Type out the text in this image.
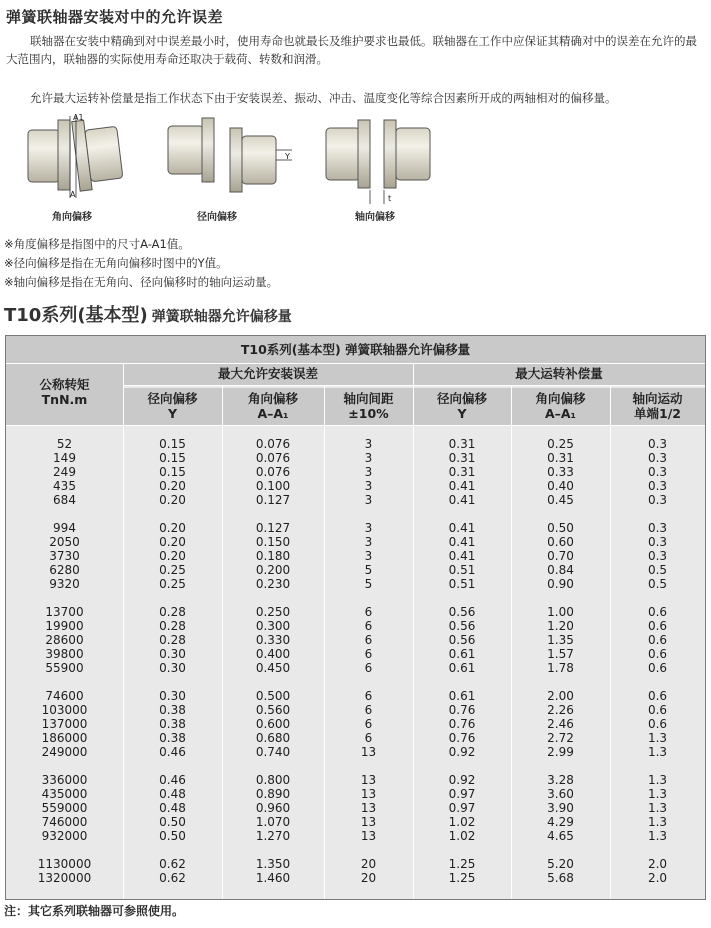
弹簧联轴器安装对中的允许误差
联轴器在安装中精确到对中误差最小时，使用寿命也就最长及维护要求也最低。联轴器在工作中应保证其精确对中的误差在允许的最大范围内，联轴器的实际使用寿命还取决于载荷、转数和润滑。
允许最大运转补偿量是指工作状态下由于安装误差、振动、冲击、温度变化等综合因素所开成的两轴相对的偏移量。
A1
A
Y
t
角向偏移	径向偏移	轴向偏移
※角度偏移是指图中的尺寸A-A1值。
※径向偏移是指在无角向偏移时图中的Y值。
※轴向偏移是指在无角向、径向偏移时的轴向运动量。
T10系列(基本型) 弹簧联轴器允许偏移量
T10系列(基本型) 弹簧联轴器允许偏移量
公称转矩
TnN.m
最大允许安装误差	最大运转补偿量
径向偏移
Y
角向偏移
A–A₁
轴向间距
±10%
径向偏移
Y
角向偏移
A–A₁
轴向运动
单端1/2
52	0.15	0.076	3	0.31	0.25	0.3
149	0.15	0.076	3	0.31	0.31	0.3
249	0.15	0.076	3	0.31	0.33	0.3
435	0.20	0.100	3	0.41	0.40	0.3
684	0.20	0.127	3	0.41	0.45	0.3
994	0.20	0.127	3	0.41	0.50	0.3
2050	0.20	0.150	3	0.41	0.60	0.3
3730	0.20	0.180	3	0.41	0.70	0.3
6280	0.25	0.200	5	0.51	0.84	0.5
9320	0.25	0.230	5	0.51	0.90	0.5
13700	0.28	0.250	6	0.56	1.00	0.6
19900	0.28	0.300	6	0.56	1.20	0.6
28600	0.28	0.330	6	0.56	1.35	0.6
39800	0.30	0.400	6	0.61	1.57	0.6
55900	0.30	0.450	6	0.61	1.78	0.6
74600	0.30	0.500	6	0.61	2.00	0.6
103000	0.38	0.560	6	0.76	2.26	0.6
137000	0.38	0.600	6	0.76	2.46	0.6
186000	0.38	0.680	6	0.76	2.72	1.3
249000	0.46	0.740	13	0.92	2.99	1.3
336000	0.46	0.800	13	0.92	3.28	1.3
435000	0.48	0.890	13	0.97	3.60	1.3
559000	0.48	0.960	13	0.97	3.90	1.3
746000	0.50	1.070	13	1.02	4.29	1.3
932000	0.50	1.270	13	1.02	4.65	1.3
1130000	0.62	1.350	20	1.25	5.20	2.0
1320000	0.62	1.460	20	1.25	5.68	2.0
注：其它系列联轴器可参照使用。
